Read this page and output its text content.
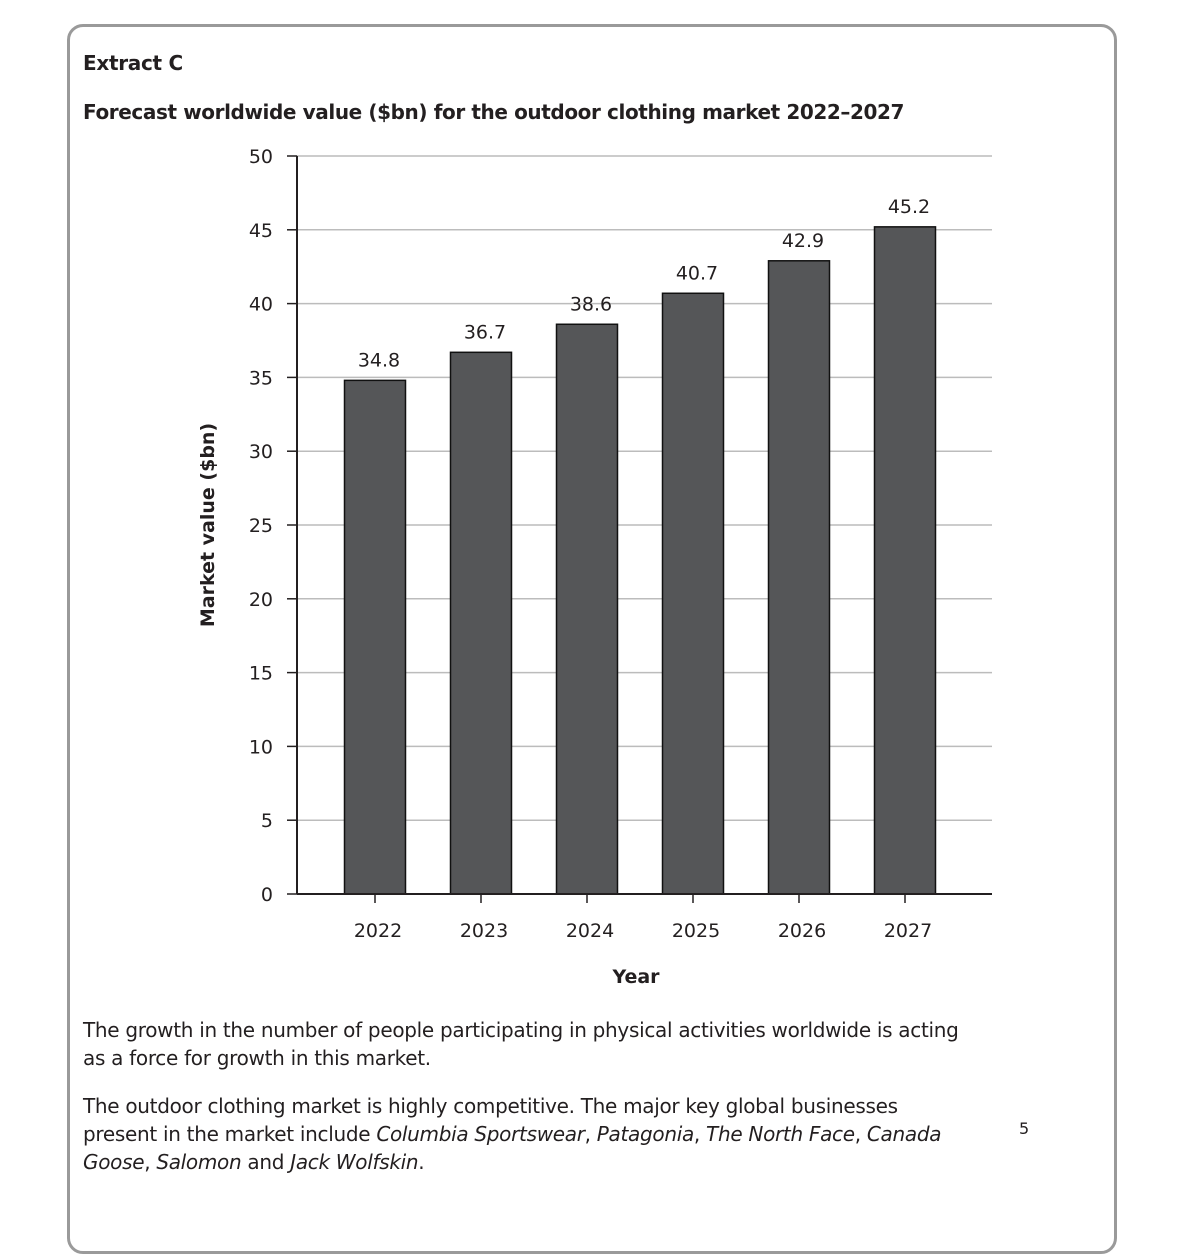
Extract C
Forecast worldwide value ($bn) for the outdoor clothing market 2022–2027
0
5
10
15
20
25
30
35
40
45
50
34.8
2022
36.7
2023
38.6
2024
40.7
2025
42.9
2026
45.2
2027
Year
Market value ($bn)
The growth in the number of people participating in physical activities worldwide is acting as a force for growth in this market.
The outdoor clothing market is highly competitive. The major key global businesses present in the market include Columbia Sportswear, Patagonia, The North Face, Canada Goose, Salomon and Jack Wolfskin.
5
